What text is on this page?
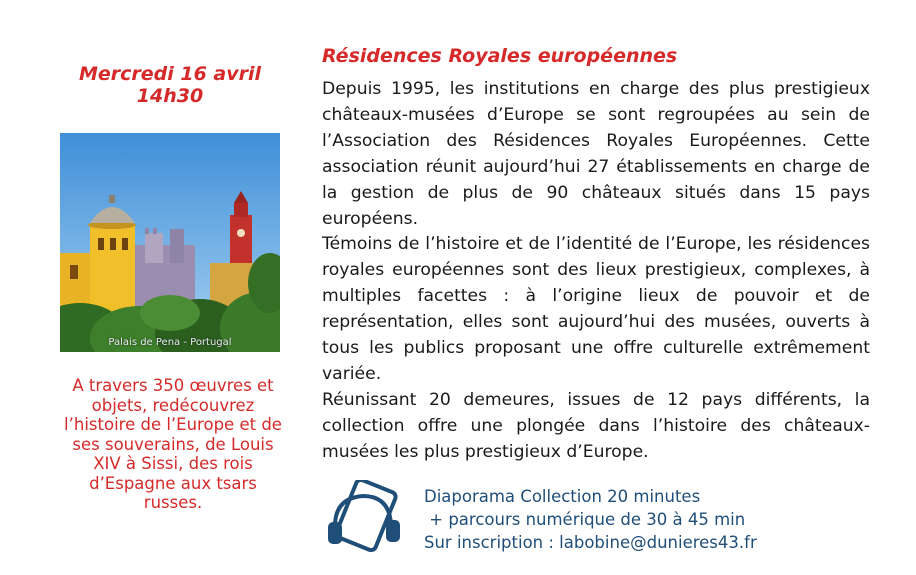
Mercredi 16 avril
14h30
Palais de Pena - Portugal
A travers 350 œuvres et objets, redécouvrez l’histoire de l’Europe et de ses souverains, de Louis XIV à Sissi, des rois d’Espagne aux tsars russes.
Résidences Royales européennes

Depuis 1995, les institutions en charge des plus prestigieux châteaux-musées d’Europe se sont regroupées au sein de l’Association des Résidences Royales Européennes. Cette association réunit aujourd’hui 27 établissements en charge de la gestion de plus de 90 châteaux situés dans 15 pays européens.

Témoins de l’histoire et de l’identité de l’Europe, les résidences royales européennes sont des lieux prestigieux, complexes, à multiples facettes : à l’origine lieux de pouvoir et de représentation, elles sont aujourd’hui des musées, ouverts à tous les publics proposant une offre culturelle extrêmement variée.

Réunissant 20 demeures, issues de 12 pays différents, la collection offre une plongée dans l’histoire des châteaux-musées les plus prestigieux d’Europe.

Diaporama Collection 20 minutes
+ parcours numérique de 30 à 45 min
Sur inscription : labobine@dunieres43.fr
